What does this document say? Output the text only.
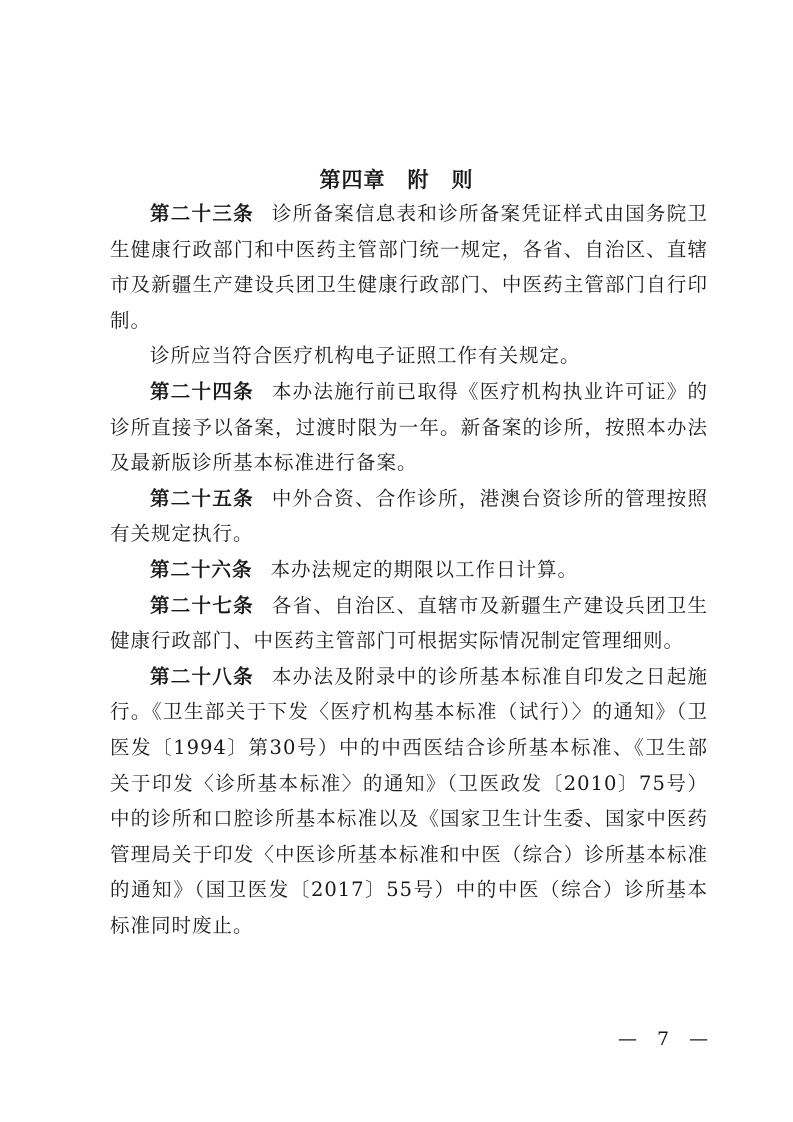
第四章　附　则

第二十三条 诊所备案信息表和诊所备案凭证样式由国务院卫生健康行政部门和中医药主管部门统一规定，各省、自治区、直辖市及新疆生产建设兵团卫生健康行政部门、中医药主管部门自行印制。

诊所应当符合医疗机构电子证照工作有关规定。

第二十四条 本办法施行前已取得《医疗机构执业许可证》的诊所直接予以备案，过渡时限为一年。新备案的诊所，按照本办法及最新版诊所基本标准进行备案。

第二十五条 中外合资、合作诊所，港澳台资诊所的管理按照有关规定执行。

第二十六条 本办法规定的期限以工作日计算。

第二十七条 各省、自治区、直辖市及新疆生产建设兵团卫生健康行政部门、中医药主管部门可根据实际情况制定管理细则。

第二十八条 本办法及附录中的诊所基本标准自印发之日起施行。《卫生部关于下发〈医疗机构基本标准（试行）〉的通知》（卫医发〔1994〕第30号）中的中西医结合诊所基本标准、《卫生部关于印发〈诊所基本标准〉的通知》（卫医政发〔2010〕75号）中的诊所和口腔诊所基本标准以及《国家卫生计生委、国家中医药管理局关于印发〈中医诊所基本标准和中医（综合）诊所基本标准的通知》（国卫医发〔2017〕55号）中的中医（综合）诊所基本标准同时废止。

— 7 —
